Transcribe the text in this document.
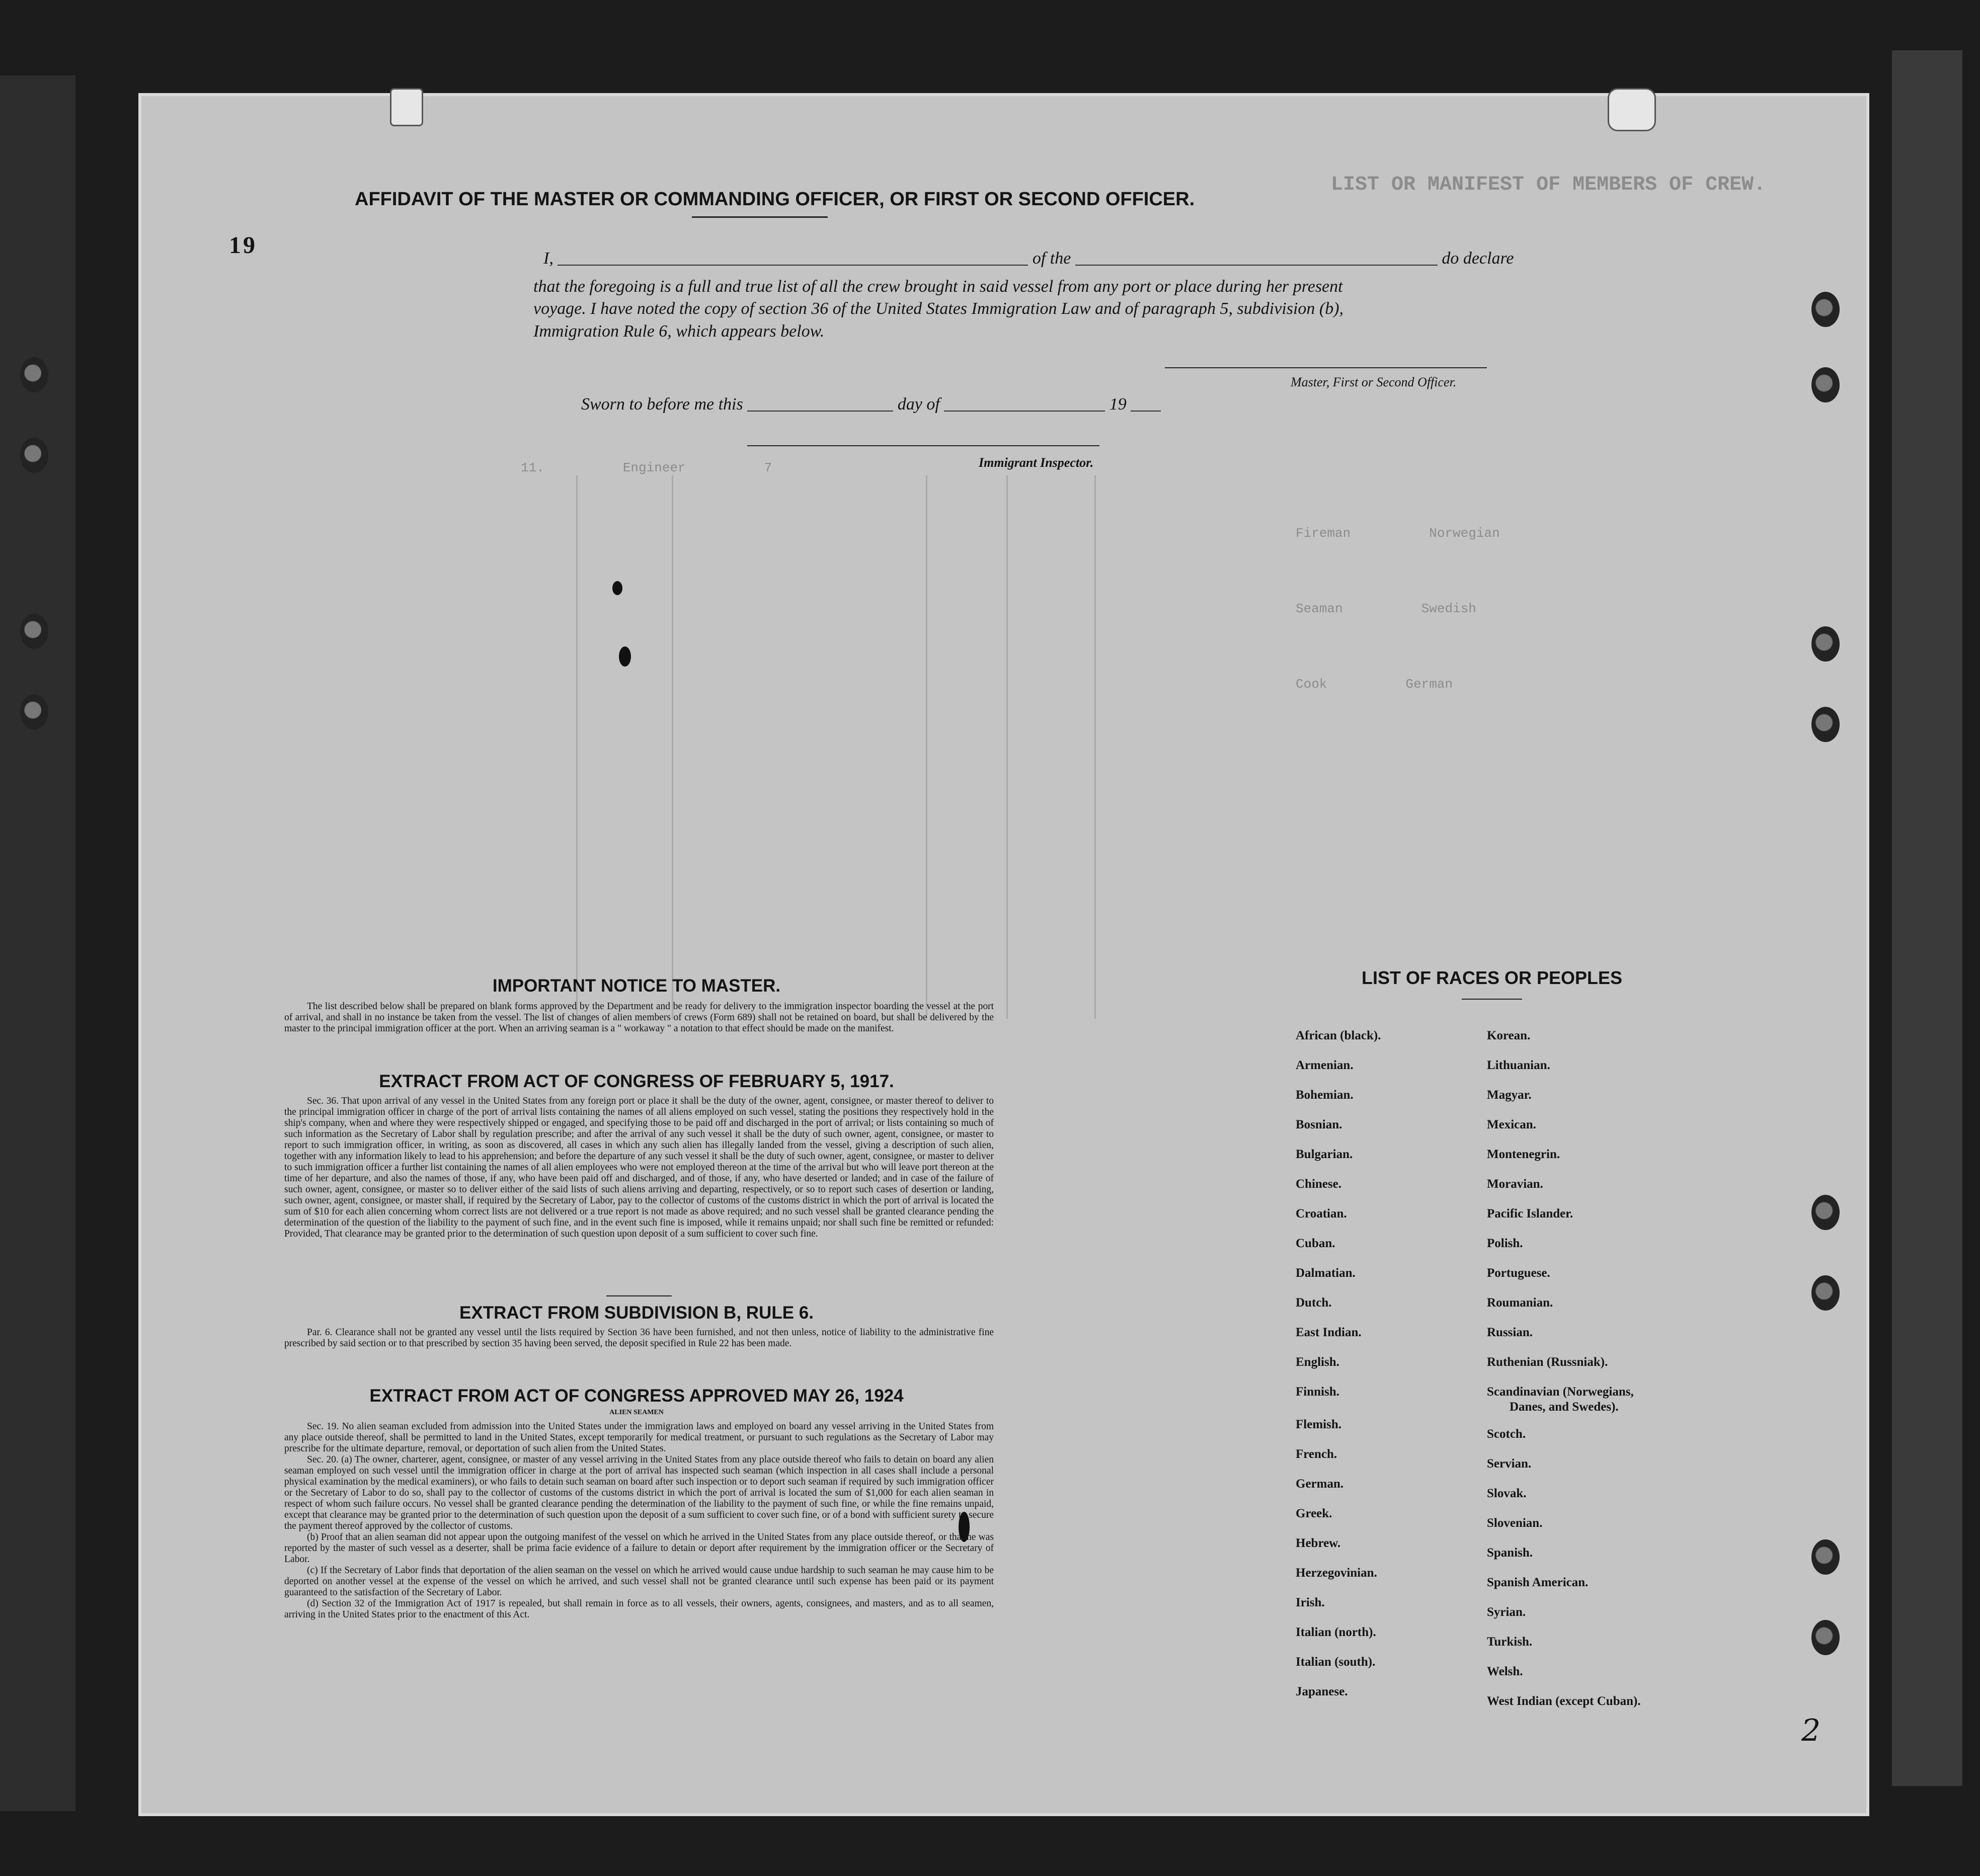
19
LIST OR MANIFEST OF MEMBERS OF CREW.
11.          Engineer          7
Fireman          Norwegian
Seaman          Swedish
Cook          German
AFFIDAVIT OF THE MASTER OR COMMANDING OFFICER, OR FIRST OR SECOND OFFICER.
I,	of the	do declare
that the foregoing is a full and true list of all the crew brought in said vessel from any port or place during her present
voyage. I have noted the copy of section 36 of the United States Immigration Law and of paragraph 5, subdivision (b),
Immigration Rule 6, which appears below.
Master, First or Second Officer.
Sworn to before me this	day of	19
Immigrant Inspector.
IMPORTANT NOTICE TO MASTER.

The list described below shall be prepared on blank forms approved by the Department and be ready for delivery to the immigration inspector boarding the vessel at the port of arrival, and shall in no instance be taken from the vessel. The list of changes of alien members of crews (Form 689) shall not be retained on board, but shall be delivered by the master to the principal immigration officer at the port. When an arriving seaman is a " workaway " a notation to that effect should be made on the manifest.

EXTRACT FROM ACT OF CONGRESS OF FEBRUARY 5, 1917.

Sec. 36. That upon arrival of any vessel in the United States from any foreign port or place it shall be the duty of the owner, agent, consignee, or master thereof to deliver to the principal immigration officer in charge of the port of arrival lists containing the names of all aliens employed on such vessel, stating the positions they respectively hold in the ship's company, when and where they were respectively shipped or engaged, and specifying those to be paid off and discharged in the port of arrival; or lists containing so much of such information as the Secretary of Labor shall by regulation prescribe; and after the arrival of any such vessel it shall be the duty of such owner, agent, consignee, or master to report to such immigration officer, in writing, as soon as discovered, all cases in which any such alien has illegally landed from the vessel, giving a description of such alien, together with any information likely to lead to his apprehension; and before the departure of any such vessel it shall be the duty of such owner, agent, consignee, or master to deliver to such immigration officer a further list containing the names of all alien employees who were not employed thereon at the time of the arrival but who will leave port thereon at the time of her departure, and also the names of those, if any, who have been paid off and discharged, and of those, if any, who have deserted or landed; and in case of the failure of such owner, agent, consignee, or master so to deliver either of the said lists of such aliens arriving and departing, respectively, or so to report such cases of desertion or landing, such owner, agent, consignee, or master shall, if required by the Secretary of Labor, pay to the collector of customs of the customs district in which the port of arrival is located the sum of $10 for each alien concerning whom correct lists are not delivered or a true report is not made as above required; and no such vessel shall be granted clearance pending the determination of the question of the liability to the payment of such fine, and in the event such fine is imposed, while it remains unpaid; nor shall such fine be remitted or refunded: Provided, That clearance may be granted prior to the determination of such question upon deposit of a sum sufficient to cover such fine.

EXTRACT FROM SUBDIVISION B, RULE 6.

Par. 6. Clearance shall not be granted any vessel until the lists required by Section 36 have been furnished, and not then unless, notice of liability to the administrative fine prescribed by said section or to that prescribed by section 35 having been served, the deposit specified in Rule 22 has been made.

EXTRACT FROM ACT OF CONGRESS APPROVED MAY 26, 1924
ALIEN SEAMEN

Sec. 19. No alien seaman excluded from admission into the United States under the immigration laws and employed on board any vessel arriving in the United States from any place outside thereof, shall be permitted to land in the United States, except temporarily for medical treatment, or pursuant to such regulations as the Secretary of Labor may prescribe for the ultimate departure, removal, or deportation of such alien from the United States.

Sec. 20. (a) The owner, charterer, agent, consignee, or master of any vessel arriving in the United States from any place outside thereof who fails to detain on board any alien seaman employed on such vessel until the immigration officer in charge at the port of arrival has inspected such seaman (which inspection in all cases shall include a personal physical examination by the medical examiners), or who fails to detain such seaman on board after such inspection or to deport such seaman if required by such immigration officer or the Secretary of Labor to do so, shall pay to the collector of customs of the customs district in which the port of arrival is located the sum of $1,000 for each alien seaman in respect of whom such failure occurs. No vessel shall be granted clearance pending the determination of the liability to the payment of such fine, or while the fine remains unpaid, except that clearance may be granted prior to the determination of such question upon the deposit of a sum sufficient to cover such fine, or of a bond with sufficient surety to secure the payment thereof approved by the collector of customs.

(b) Proof that an alien seaman did not appear upon the outgoing manifest of the vessel on which he arrived in the United States from any place outside thereof, or that he was reported by the master of such vessel as a deserter, shall be prima facie evidence of a failure to detain or deport after requirement by the immigration officer or the Secretary of Labor.

(c) If the Secretary of Labor finds that deportation of the alien seaman on the vessel on which he arrived would cause undue hardship to such seaman he may cause him to be deported on another vessel at the expense of the vessel on which he arrived, and such vessel shall not be granted clearance until such expense has been paid or its payment guaranteed to the satisfaction of the Secretary of Labor.

(d) Section 32 of the Immigration Act of 1917 is repealed, but shall remain in force as to all vessels, their owners, agents, consignees, and masters, and as to all seamen, arriving in the United States prior to the enactment of this Act.

LIST OF RACES OR PEOPLES
African (black).
Armenian.
Bohemian.
Bosnian.
Bulgarian.
Chinese.
Croatian.
Cuban.
Dalmatian.
Dutch.
East Indian.
English.
Finnish.
Flemish.
French.
German.
Greek.
Hebrew.
Herzegovinian.
Irish.
Italian (north).
Italian (south).
Japanese.
Korean.
Lithuanian.
Magyar.
Mexican.
Montenegrin.
Moravian.
Pacific Islander.
Polish.
Portuguese.
Roumanian.
Russian.
Ruthenian (Russniak).
Scandinavian (Norwegians,
Danes, and Swedes).
Scotch.
Servian.
Slovak.
Slovenian.
Spanish.
Spanish American.
Syrian.
Turkish.
Welsh.
West Indian (except Cuban).
2
